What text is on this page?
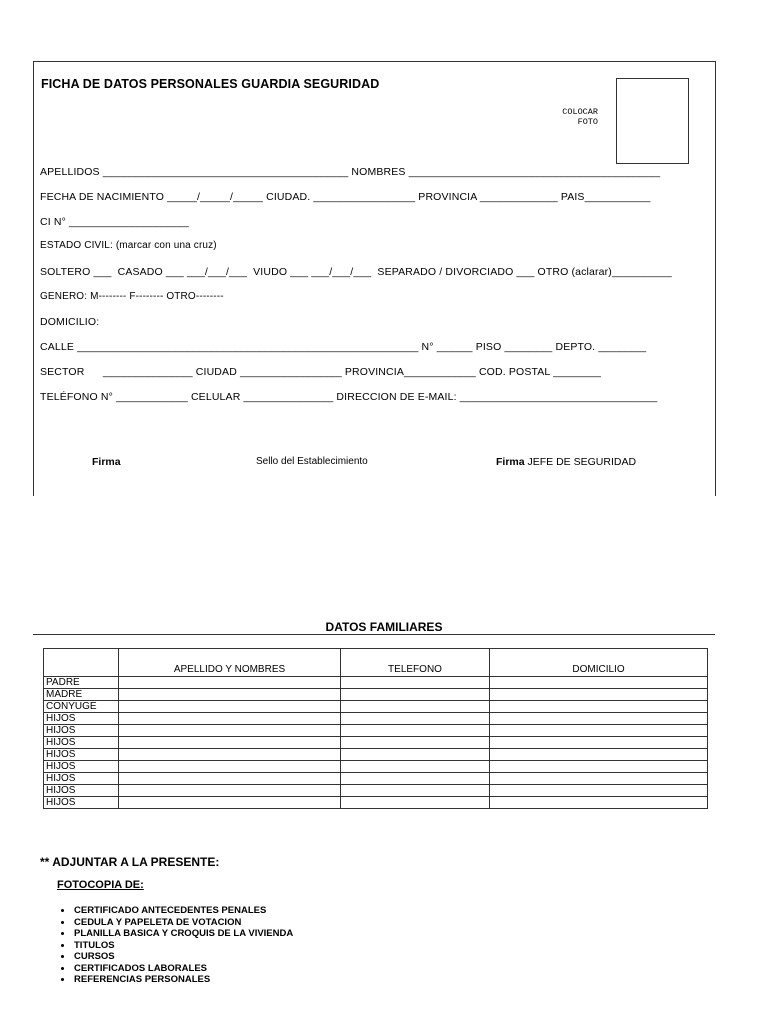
FICHA DE DATOS PERSONALES GUARDIA SEGURIDAD
COLOCAR
FOTO
APELLIDOS _________________________________________ NOMBRES __________________________________________
FECHA DE NACIMIENTO _____/_____/_____ CIUDAD. _________________ PROVINCIA _____________ PAIS___________
CI N° ____________________
ESTADO CIVIL: (marcar con una cruz)
SOLTERO ___  CASADO ___ ___/___/___  VIUDO ___ ___/___/___  SEPARADO / DIVORCIADO ___ OTRO (aclarar)__________
GENERO: M-------- F-------- OTRO--------
DOMICILIO:
CALLE _________________________________________________________ N° ______ PISO ________ DEPTO. ________
SECTOR      _______________ CIUDAD _________________ PROVINCIA____________ COD. POSTAL ________
TELÉFONO N° ____________ CELULAR _______________ DIRECCION DE E-MAIL: _________________________________
Firma	Sello del Establecimiento	Firma JEFE DE SEGURIDAD
DATOS FAMILIARES
	APELLIDO Y NOMBRES	TELEFONO	DOMICILIO
PADRE			
MADRE			
CONYUGE			
HIJOS			
HIJOS			
HIJOS			
HIJOS			
HIJOS			
HIJOS			
HIJOS			
HIJOS			
** ADJUNTAR A LA PRESENTE:
FOTOCOPIA DE:
• CERTIFICADO ANTECEDENTES PENALES
• CEDULA Y PAPELETA DE VOTACION
• PLANILLA BASICA Y CROQUIS DE LA VIVIENDA
• TITULOS
• CURSOS
• CERTIFICADOS LABORALES
• REFERENCIAS PERSONALES
